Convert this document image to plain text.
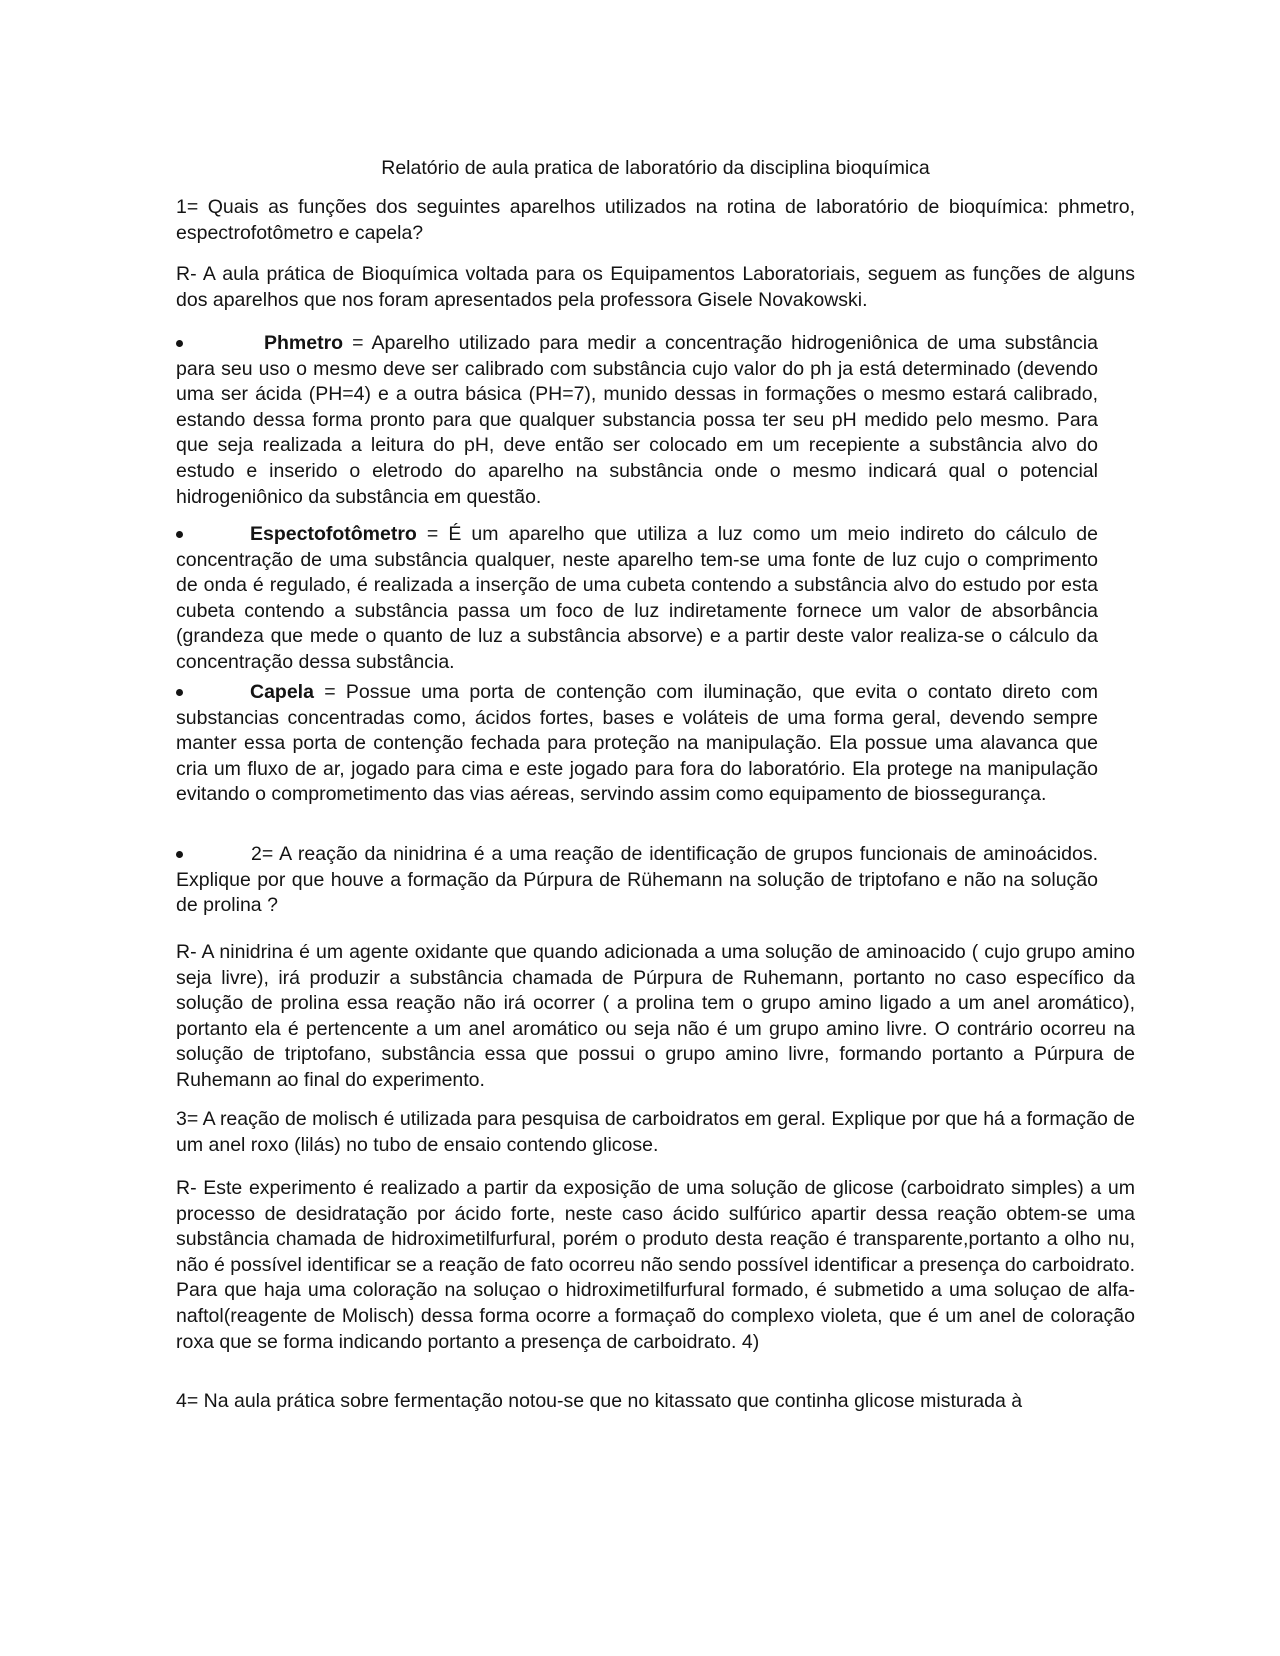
Relatório de aula pratica de laboratório da disciplina bioquímica

1= Quais as funções dos seguintes aparelhos utilizados na rotina de laboratório de bioquímica: phmetro, espectrofotômetro e capela?

R- A aula prática de Bioquímica voltada para os Equipamentos Laboratoriais, seguem as funções de alguns dos aparelhos que nos foram apresentados pela professora Gisele Novakowski.

Phmetro = Aparelho utilizado para medir a concentração hidrogeniônica de uma substância para seu uso o mesmo deve ser calibrado com substância cujo valor do ph ja está determinado (devendo uma ser ácida (PH=4) e a outra básica (PH=7), munido dessas in formações o mesmo estará calibrado, estando dessa forma pronto para que qualquer substancia possa ter seu pH medido pelo mesmo. Para que seja realizada a leitura do pH, deve então ser colocado em um recepiente a substância alvo do estudo e inserido o eletrodo do aparelho na substância onde o mesmo indicará qual o potencial hidrogeniônico da substância em questão.

Espectofotômetro = É um aparelho que utiliza a luz como um meio indireto do cálculo de concentração de uma substância qualquer, neste aparelho tem-se uma fonte de luz cujo o comprimento de onda é regulado, é realizada a inserção de uma cubeta contendo a substância alvo do estudo por esta cubeta contendo a substância passa um foco de luz indiretamente fornece um valor de absorbância (grandeza que mede o quanto de luz a substância absorve) e a partir deste valor realiza-se o cálculo da concentração dessa substância.

Capela = Possue uma porta de contenção com iluminação, que evita o contato direto com substancias concentradas como, ácidos fortes, bases e voláteis de uma forma geral, devendo sempre manter essa porta de contenção fechada para proteção na manipulação. Ela possue uma alavanca que cria um fluxo de ar, jogado para cima e este jogado para fora do laboratório. Ela protege na manipulação evitando o comprometimento das vias aéreas, servindo assim como equipamento de biossegurança.

2= A reação da ninidrina é a uma reação de identificação de grupos funcionais de aminoácidos. Explique por que houve a formação da Púrpura de Rühemann na solução de triptofano e não na solução de prolina ?

R- A ninidrina é um agente oxidante que quando adicionada a uma solução de aminoacido ( cujo grupo amino seja livre), irá produzir a substância chamada de Púrpura de Ruhemann, portanto no caso específico da solução de prolina essa reação não irá ocorrer ( a prolina tem o grupo amino ligado a um anel aromático), portanto ela é pertencente a um anel aromático ou seja não é um grupo amino livre. O contrário ocorreu na solução de triptofano, substância essa que possui o grupo amino livre, formando portanto a Púrpura de Ruhemann ao final do experimento.

3= A reação de molisch é utilizada para pesquisa de carboidratos em geral. Explique por que há a formação de um anel roxo (lilás) no tubo de ensaio contendo glicose.

R- Este experimento é realizado a partir da exposição de uma solução de glicose (carboidrato simples) a um processo de desidratação por ácido forte, neste caso ácido sulfúrico apartir dessa reação obtem-se uma substância chamada de hidroximetilfurfural, porém o produto desta reação é transparente,portanto a olho nu, não é possível identificar se a reação de fato ocorreu não sendo possível identificar a presença do carboidrato. Para que haja uma coloração na soluçao o hidroximetilfurfural formado, é submetido a uma soluçao de alfa-naftol(reagente de Molisch) dessa forma ocorre a formaçaõ do complexo violeta, que é um anel de coloração roxa que se forma indicando portanto a presença de carboidrato. 4)

4= Na aula prática sobre fermentação notou-se que no kitassato que continha glicose misturada à
